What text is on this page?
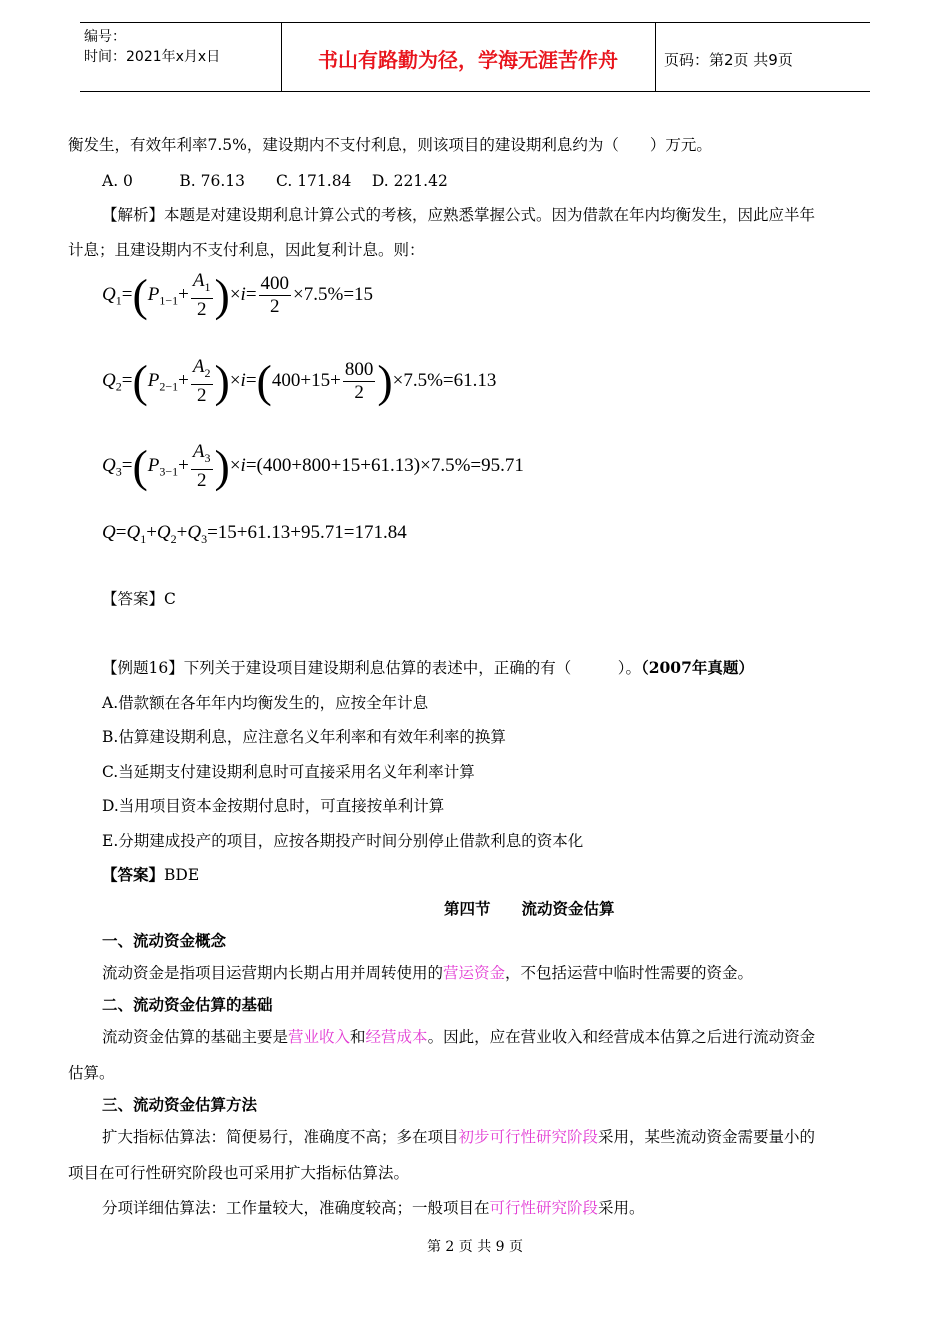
编号：
时间：2021年x月x日	书山有路勤为径，学海无涯苦作舟	页码：第2页 共9页
衡发生，有效年利率7.5%，建设期内不支付利息，则该项目的建设期利息约为（　　）万元。
A. 0　　　B. 76.13　　C. 171.84　 D. 221.42
【解析】本题是对建设期利息计算公式的考核，应熟悉掌握公式。因为借款在年内均衡发生，因此应半年
计息；且建设期内不支付利息，因此复利计息。则：
$Q_1=(P_{1-1}+ \frac{A_1}{2} )\times i= \frac{400}{2} \times 7.5\%=15$
$Q_2=(P_{2-1}+ \frac{A_2}{2} )\times i=(400+15+ \frac{800}{2} )\times 7.5\%=61.13$
$Q_3=(P_{3-1}+ \frac{A_3}{2} )\times i=(400+800+15+61.13)\times 7.5\%=95.71$
$Q=Q_1+Q_2+Q_3=15+61.13+95.71=171.84$
【答案】C
【例题16】下列关于建设项目建设期利息估算的表述中，正确的有（　　　）。（2007年真题）
A.借款额在各年年内均衡发生的，应按全年计息
B.估算建设期利息，应注意名义年利率和有效年利率的换算
C.当延期支付建设期利息时可直接采用名义年利率计算
D.当用项目资本金按期付息时，可直接按单利计算
E.分期建成投产的项目，应按各期投产时间分别停止借款利息的资本化
【答案】BDE
第四节　　流动资金估算
一、流动资金概念
流动资金是指项目运营期内长期占用并周转使用的营运资金，不包括运营中临时性需要的资金。
二、流动资金估算的基础
流动资金估算的基础主要是营业收入和经营成本。因此，应在营业收入和经营成本估算之后进行流动资金
估算。
三、流动资金估算方法
扩大指标估算法：简便易行，准确度不高；多在项目初步可行性研究阶段采用，某些流动资金需要量小的
项目在可行性研究阶段也可采用扩大指标估算法。
分项详细估算法：工作量较大，准确度较高；一般项目在可行性研究阶段采用。
第 2 页 共 9 页
